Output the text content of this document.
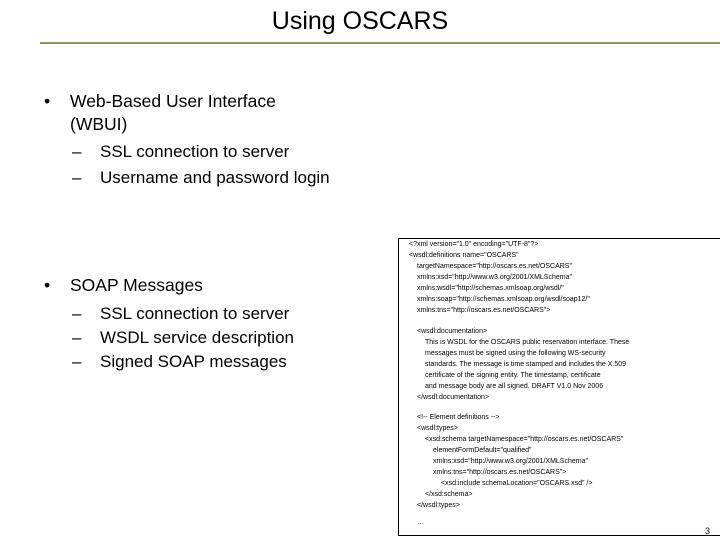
Using OSCARS
• Web-Based User Interface
(WBUI)
– SSL connection to server
– Username and password login
• SOAP Messages
– SSL connection to server
– WSDL service description
– Signed SOAP messages
<?xml version="1.0" encoding="UTF-8"?>
<wsdl:definitions name="OSCARS"
targetNamespace="http://oscars.es.net/OSCARS"
xmlns:xsd="http://www.w3.org/2001/XMLSchema"
xmlns:wsdl="http://schemas.xmlsoap.org/wsdl/"
xmlns:soap="http://schemas.xmlsoap.org/wsdl/soap12/"
xmlns:tns="http://oscars.es.net/OSCARS">
<wsdl:documentation>
This is WSDL for the OSCARS public reservation interface. These
messages must be signed using the following WS-security
standards. The message is time stamped and includes the X.509
certificate of the signing entity. The timestamp, certificate
and message body are all signed. DRAFT V1.0 Nov 2006
</wsdl:documentation>
<!-- Element definitions -->
<wsdl:types>
<xsd:schema targetNamespace="http://oscars.es.net/OSCARS"
elementFormDefault="qualified"
xmlns:xsd="http://www.w3.org/2001/XMLSchema"
xmlns:tns="http://oscars.es.net/OSCARS">
<xsd:include schemaLocation="OSCARS.xsd" />
</xsd:schema>
</wsdl:types>
…
3
